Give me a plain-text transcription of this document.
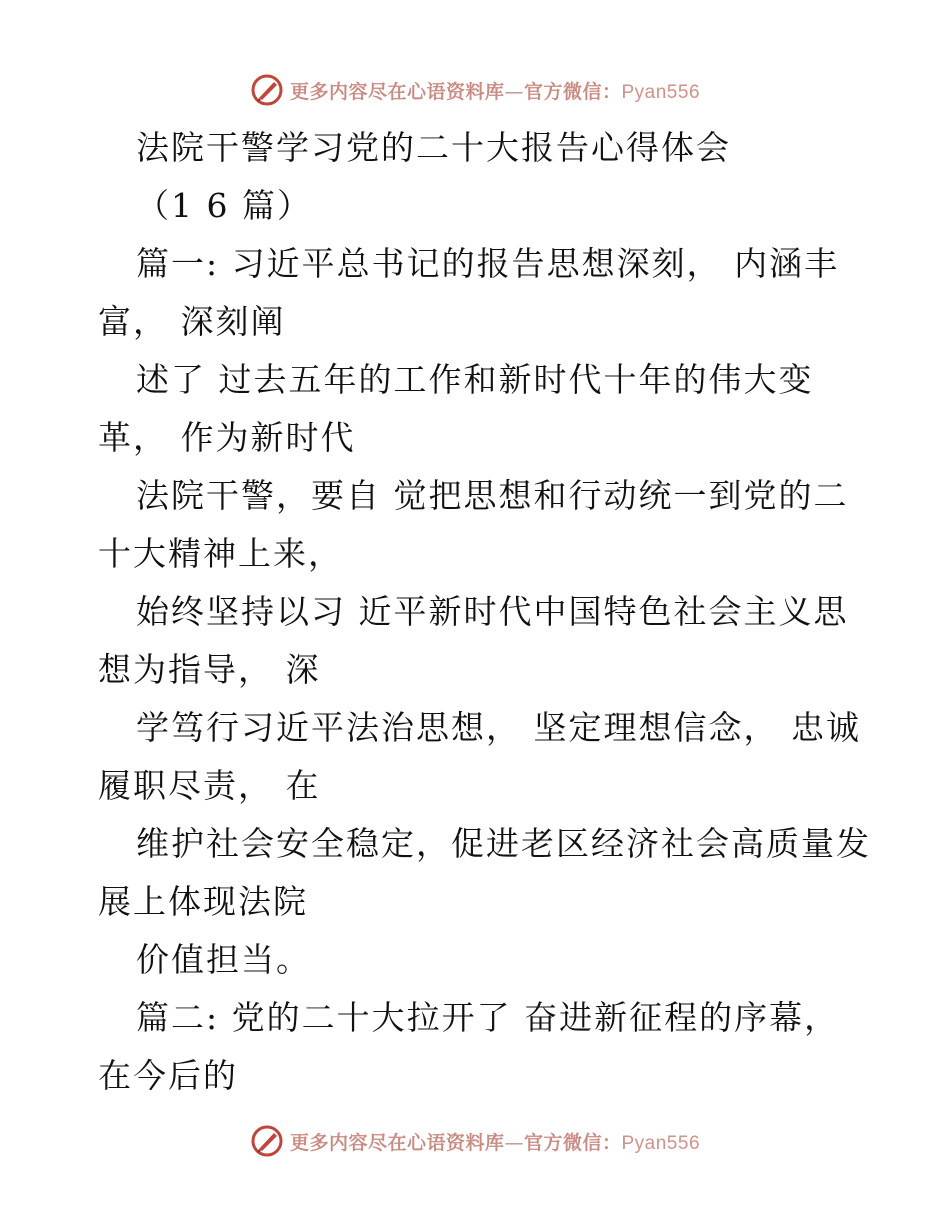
更多内容尽在心语资料库—官方微信：Pyan556
法院干警学习党的二十大报告心得体会
（1 6 篇）
篇一: 习近平总书记的报告思想深刻， 内涵丰
富， 深刻阐
述了 过去五年的工作和新时代十年的伟大变
革， 作为新时代
法院干警，要自 觉把思想和行动统一到党的二
十大精神上来，
始终坚持以习 近平新时代中国特色社会主义思
想为指导， 深
学笃行习近平法治思想， 坚定理想信念， 忠诚
履职尽责， 在
维护社会安全稳定，促进老区经济社会高质量发
展上体现法院
价值担当。
篇二: 党的二十大拉开了 奋进新征程的序幕，
在今后的
更多内容尽在心语资料库—官方微信：Pyan556
